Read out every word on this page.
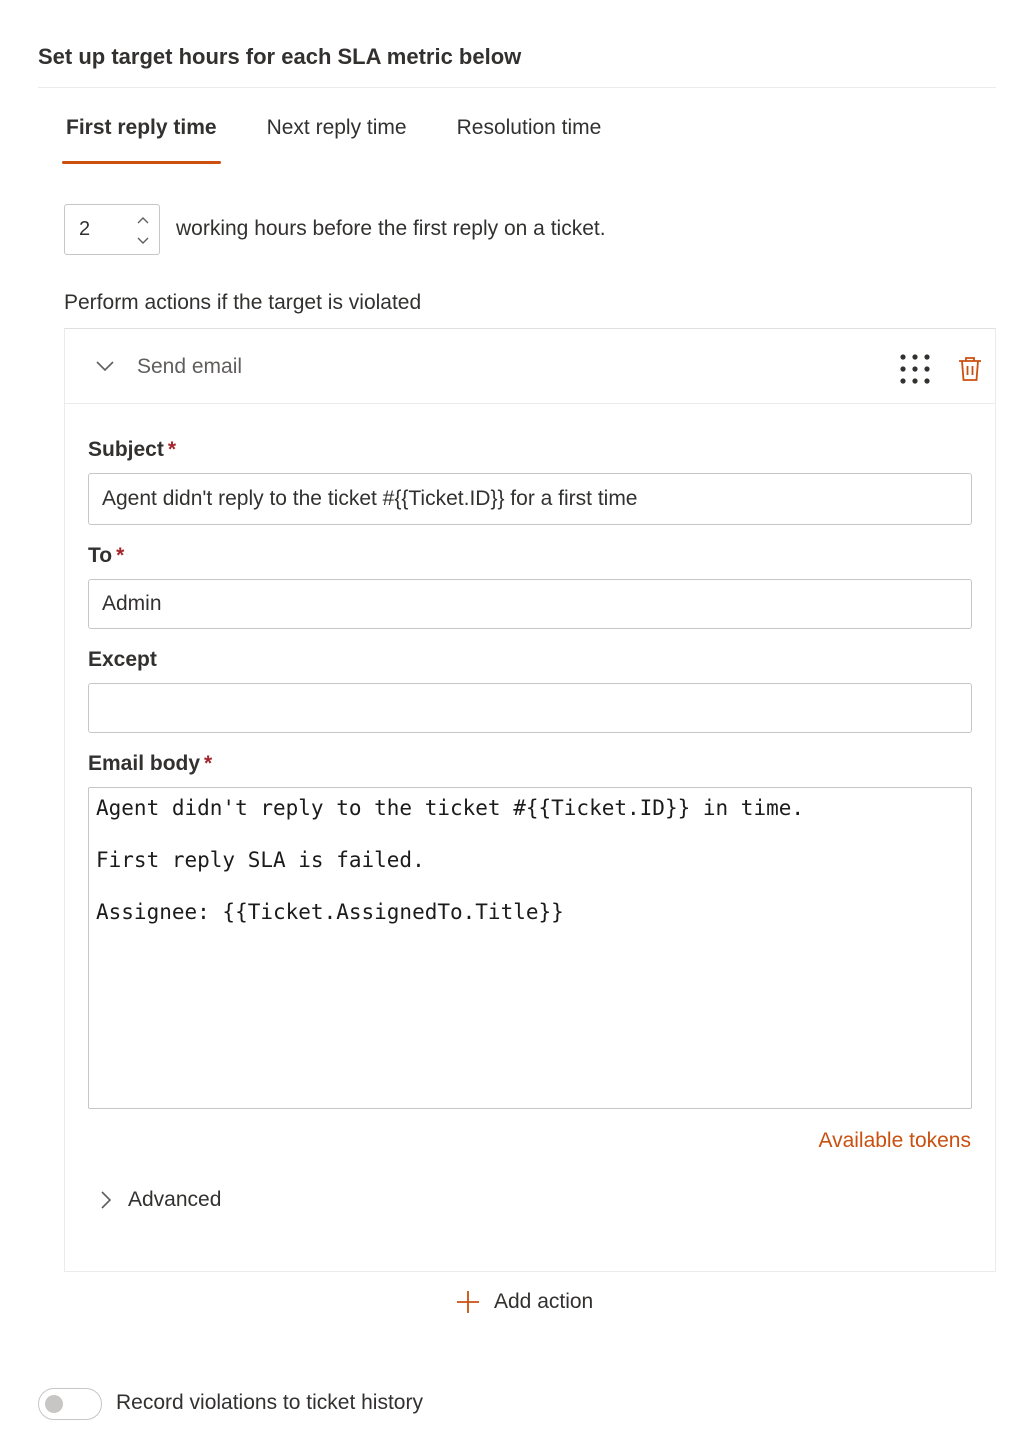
Set up target hours for each SLA metric below
First reply time Next reply time Resolution time
2	working hours before the first reply on a ticket.
Perform actions if the target is violated
Send email
Subject *
Agent didn't reply to the ticket #{{Ticket.ID}} for a first time
To *
Admin
Except
Email body *
Agent didn't reply to the ticket #{{Ticket.ID}} in time.
First reply SLA is failed.
Assignee: {{Ticket.AssignedTo.Title}}
Available tokens
Advanced
Add action
Record violations to ticket history
